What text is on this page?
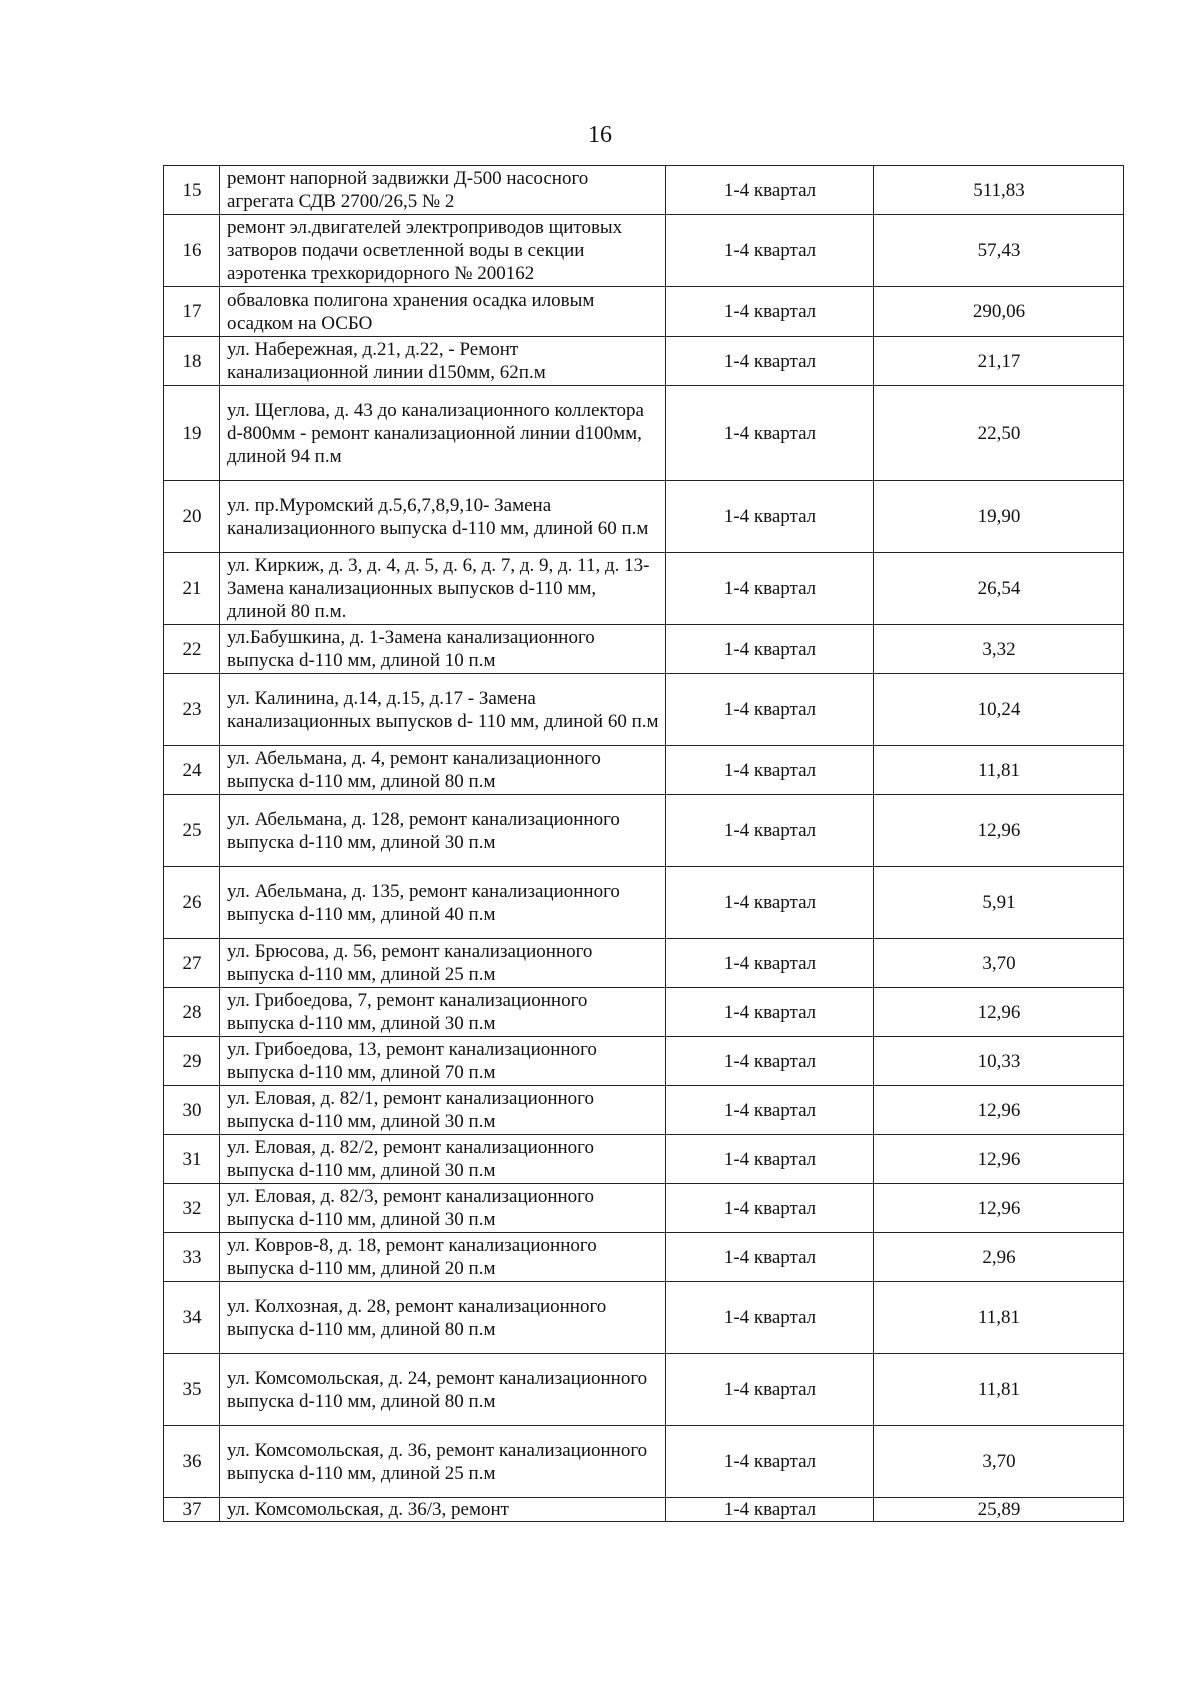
16
15	ремонт напорной задвижки Д-500 насосного агрегата СДВ 2700/26,5 № 2	1-4 квартал	511,83
16	ремонт эл.двигателей электроприводов щитовых затворов подачи осветленной воды в секции аэротенка трехкоридорного № 200162	1-4 квартал	57,43
17	обваловка полигона хранения осадка иловым осадком на ОСБО	1-4 квартал	290,06
18	ул. Набережная, д.21, д.22, - Ремонт канализационной линии d150мм, 62п.м	1-4 квартал	21,17
19	ул. Щеглова, д. 43 до канализационного коллектора d-800мм - ремонт канализационной линии d100мм, длиной 94 п.м	1-4 квартал	22,50
20	ул. пр.Муромский д.5,6,7,8,9,10- Замена канализационного выпуска d-110 мм, длиной 60 п.м	1-4 квартал	19,90
21	ул. Киркиж, д. 3, д. 4, д. 5, д. 6, д. 7, д. 9, д. 11, д. 13- Замена канализационных выпусков d-110 мм, длиной 80 п.м.	1-4 квартал	26,54
22	ул.Бабушкина, д. 1-Замена канализационного выпуска d-110 мм, длиной 10 п.м	1-4 квартал	3,32
23	ул. Калинина, д.14, д.15, д.17 - Замена канализационных выпусков d- 110 мм, длиной 60 п.м	1-4 квартал	10,24
24	ул. Абельмана, д. 4, ремонт канализационного выпуска d-110 мм, длиной 80 п.м	1-4 квартал	11,81
25	ул. Абельмана, д. 128, ремонт канализационного выпуска d-110 мм, длиной 30 п.м	1-4 квартал	12,96
26	ул. Абельмана, д. 135, ремонт канализационного выпуска d-110 мм, длиной 40 п.м	1-4 квартал	5,91
27	ул. Брюсова, д. 56, ремонт канализационного выпуска d-110 мм, длиной 25 п.м	1-4 квартал	3,70
28	ул. Грибоедова, 7, ремонт канализационного выпуска d-110 мм, длиной 30 п.м	1-4 квартал	12,96
29	ул. Грибоедова, 13, ремонт канализационного выпуска d-110 мм, длиной 70 п.м	1-4 квартал	10,33
30	ул. Еловая, д. 82/1, ремонт канализационного выпуска d-110 мм, длиной 30 п.м	1-4 квартал	12,96
31	ул. Еловая, д. 82/2, ремонт канализационного выпуска d-110 мм, длиной 30 п.м	1-4 квартал	12,96
32	ул. Еловая, д. 82/3, ремонт канализационного выпуска d-110 мм, длиной 30 п.м	1-4 квартал	12,96
33	ул. Ковров-8, д. 18, ремонт канализационного выпуска d-110 мм, длиной 20 п.м	1-4 квартал	2,96
34	ул. Колхозная, д. 28, ремонт канализационного выпуска d-110 мм, длиной 80 п.м	1-4 квартал	11,81
35	ул. Комсомольская, д. 24, ремонт канализационного выпуска d-110 мм, длиной 80 п.м	1-4 квартал	11,81
36	ул. Комсомольская, д. 36, ремонт канализационного выпуска d-110 мм, длиной 25 п.м	1-4 квартал	3,70
37	ул. Комсомольская, д. 36/3, ремонт	1-4 квартал	25,89
